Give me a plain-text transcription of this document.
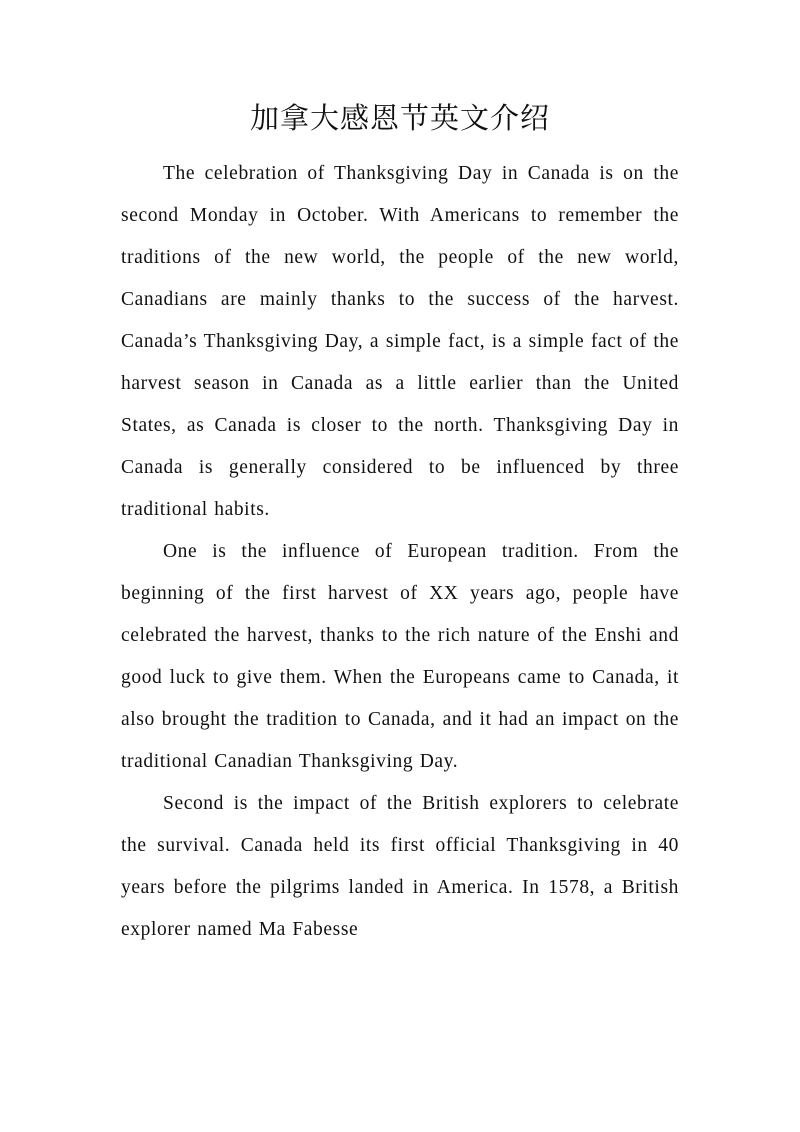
加拿大感恩节英文介绍

The celebration of Thanksgiving Day in Canada is on the second Monday in October. With Americans to remember the traditions of the new world, the people of the new world, Canadians are mainly thanks to the success of the harvest. Canada’s Thanksgiving Day, a simple fact, is a simple fact of the harvest season in Canada as a little earlier than the United States, as Canada is closer to the north. Thanksgiving Day in Canada is generally considered to be influenced by three traditional habits.

One is the influence of European tradition. From the beginning of the first harvest of XX years ago, people have celebrated the harvest, thanks to the rich nature of the Enshi and good luck to give them. When the Europeans came to Canada, it also brought the tradition to Canada, and it had an impact on the traditional Canadian Thanksgiving Day.

Second is the impact of the British explorers to celebrate the survival. Canada held its first official Thanksgiving in 40 years before the pilgrims landed in America. In 1578, a British explorer named Ma Fabesse
